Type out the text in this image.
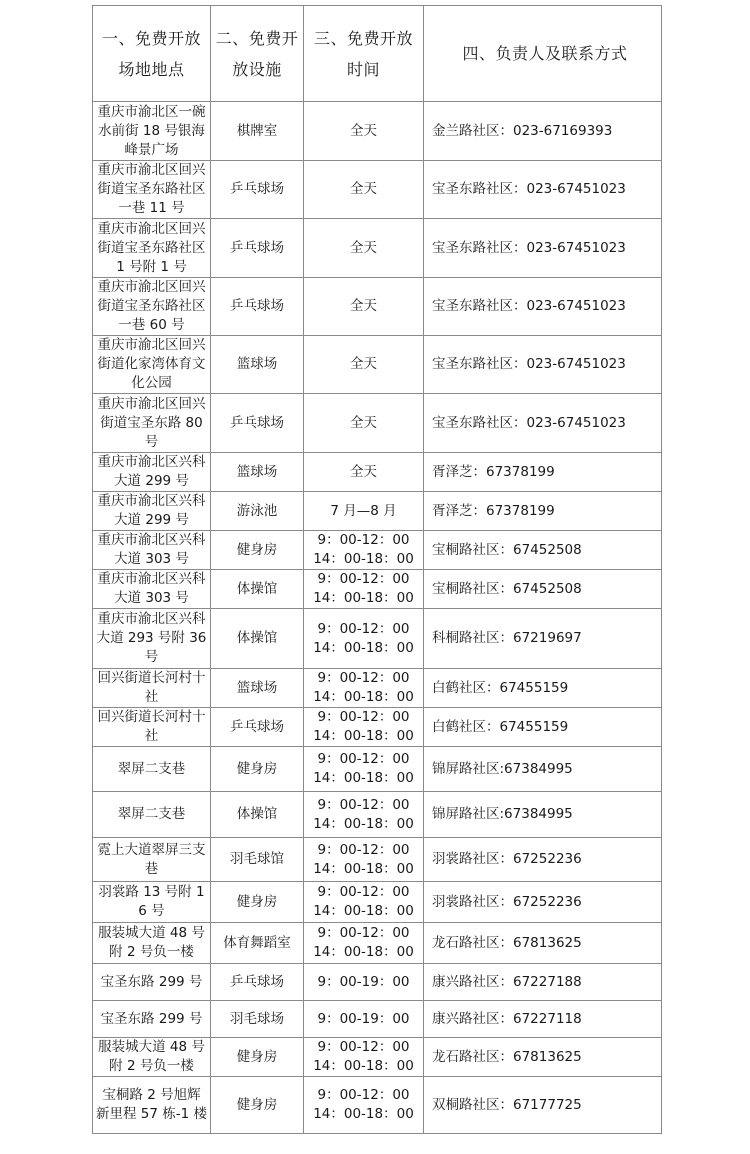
一、免费开放场地地点	二、免费开放设施	三、免费开放时间	四、负责人及联系方式
重庆市渝北区一碗水前街 18 号银海峰景广场	棋牌室	全天	金兰路社区：023-67169393
重庆市渝北区回兴街道宝圣东路社区一巷 11 号	乒乓球场	全天	宝圣东路社区：023-67451023
重庆市渝北区回兴街道宝圣东路社区 1 号附 1 号	乒乓球场	全天	宝圣东路社区：023-67451023
重庆市渝北区回兴街道宝圣东路社区一巷 60 号	乒乓球场	全天	宝圣东路社区：023-67451023
重庆市渝北区回兴街道化家湾体育文化公园	篮球场	全天	宝圣东路社区：023-67451023
重庆市渝北区回兴街道宝圣东路 80 号	乒乓球场	全天	宝圣东路社区：023-67451023
重庆市渝北区兴科大道 299 号	篮球场	全天	胥泽芝：67378199
重庆市渝北区兴科大道 299 号	游泳池	7 月—8 月	胥泽芝：67378199
重庆市渝北区兴科大道 303 号	健身房	9：00-12：00
14：00-18：00	宝桐路社区：67452508
重庆市渝北区兴科大道 303 号	体操馆	9：00-12：00
14：00-18：00	宝桐路社区：67452508
重庆市渝北区兴科大道 293 号附 36 号	体操馆	9：00-12：00
14：00-18：00	科桐路社区：67219697
回兴街道长河村十社	篮球场	9：00-12：00
14：00-18：00	白鹤社区：67455159
回兴街道长河村十社	乒乓球场	9：00-12：00
14：00-18：00	白鹤社区：67455159
翠屏二支巷	健身房	9：00-12：00
14：00-18：00	锦屏路社区:67384995
翠屏二支巷	体操馆	9：00-12：00
14：00-18：00	锦屏路社区:67384995
霓上大道翠屏三支巷	羽毛球馆	9：00-12：00
14：00-18：00	羽裳路社区：67252236
羽裳路 13 号附 16 号	健身房	9：00-12：00
14：00-18：00	羽裳路社区：67252236
服装城大道 48 号附 2 号负一楼	体育舞蹈室	9：00-12：00
14：00-18：00	龙石路社区：67813625
宝圣东路 299 号	乒乓球场	9：00-19：00	康兴路社区：67227188
宝圣东路 299 号	羽毛球场	9：00-19：00	康兴路社区：67227118
服装城大道 48 号附 2 号负一楼	健身房	9：00-12：00
14：00-18：00	龙石路社区：67813625
宝桐路 2 号旭辉新里程 57 栋-1 楼	健身房	9：00-12：00
14：00-18：00	双桐路社区：67177725
